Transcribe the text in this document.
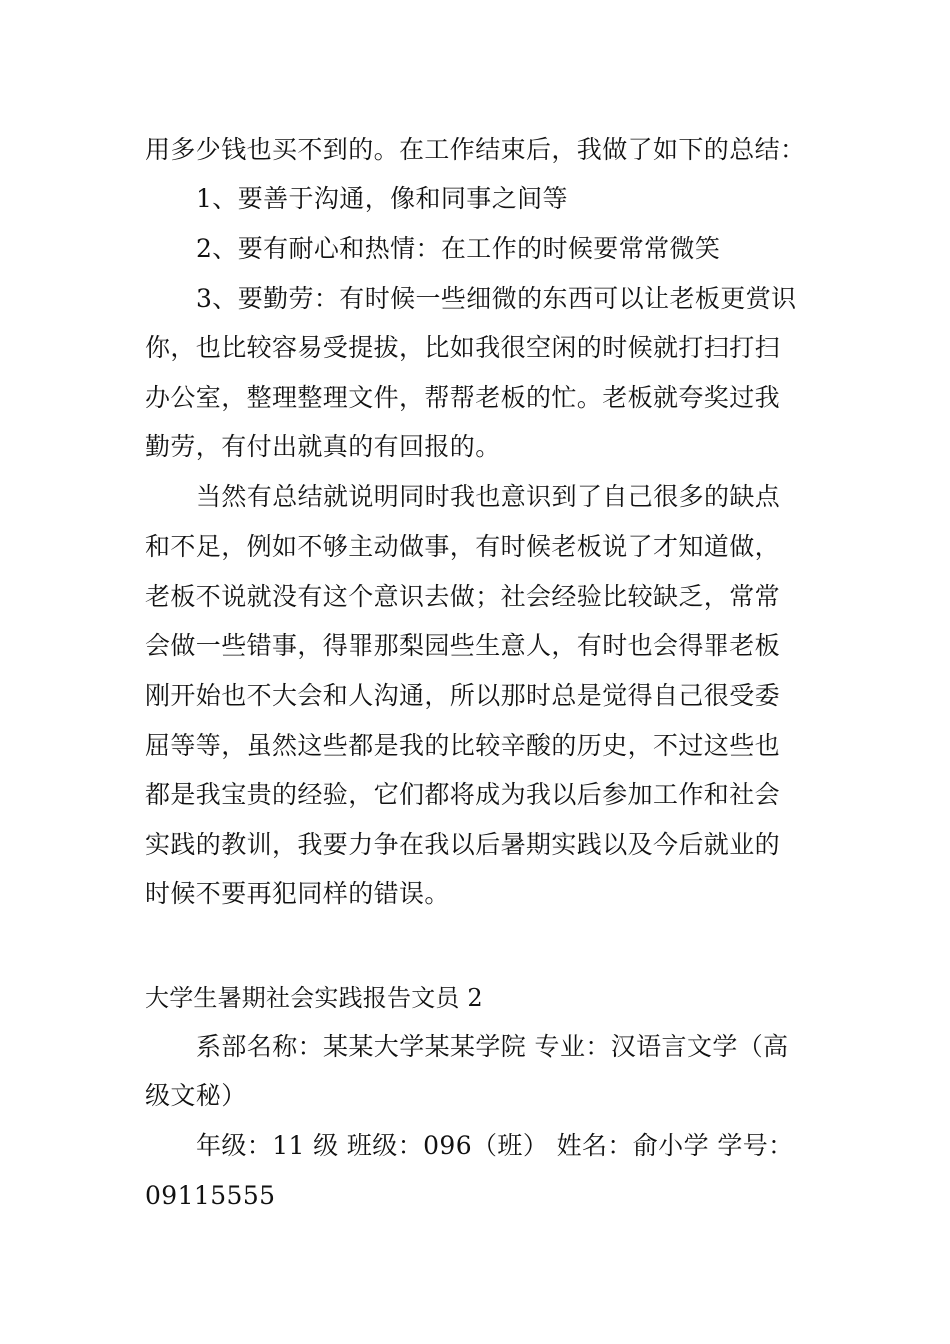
用多少钱也买不到的。在工作结束后，我做了如下的总结：
1、要善于沟通，像和同事之间等
2、要有耐心和热情：在工作的时候要常常微笑
3、要勤劳：有时候一些细微的东西可以让老板更赏识
你，也比较容易受提拔，比如我很空闲的时候就打扫打扫
办公室，整理整理文件，帮帮老板的忙。老板就夸奖过我
勤劳，有付出就真的有回报的。
当然有总结就说明同时我也意识到了自己很多的缺点
和不足，例如不够主动做事，有时候老板说了才知道做，
老板不说就没有这个意识去做；社会经验比较缺乏，常常
会做一些错事，得罪那梨园些生意人，有时也会得罪老板
刚开始也不大会和人沟通，所以那时总是觉得自己很受委
屈等等，虽然这些都是我的比较辛酸的历史，不过这些也
都是我宝贵的经验，它们都将成为我以后参加工作和社会
实践的教训，我要力争在我以后暑期实践以及今后就业的
时候不要再犯同样的错误。
大学生暑期社会实践报告文员 2
系部名称：某某大学某某学院 专业：汉语言文学（高
级文秘）
年级：11 级 班级：096（班） 姓名：俞小学 学号：
09115555
